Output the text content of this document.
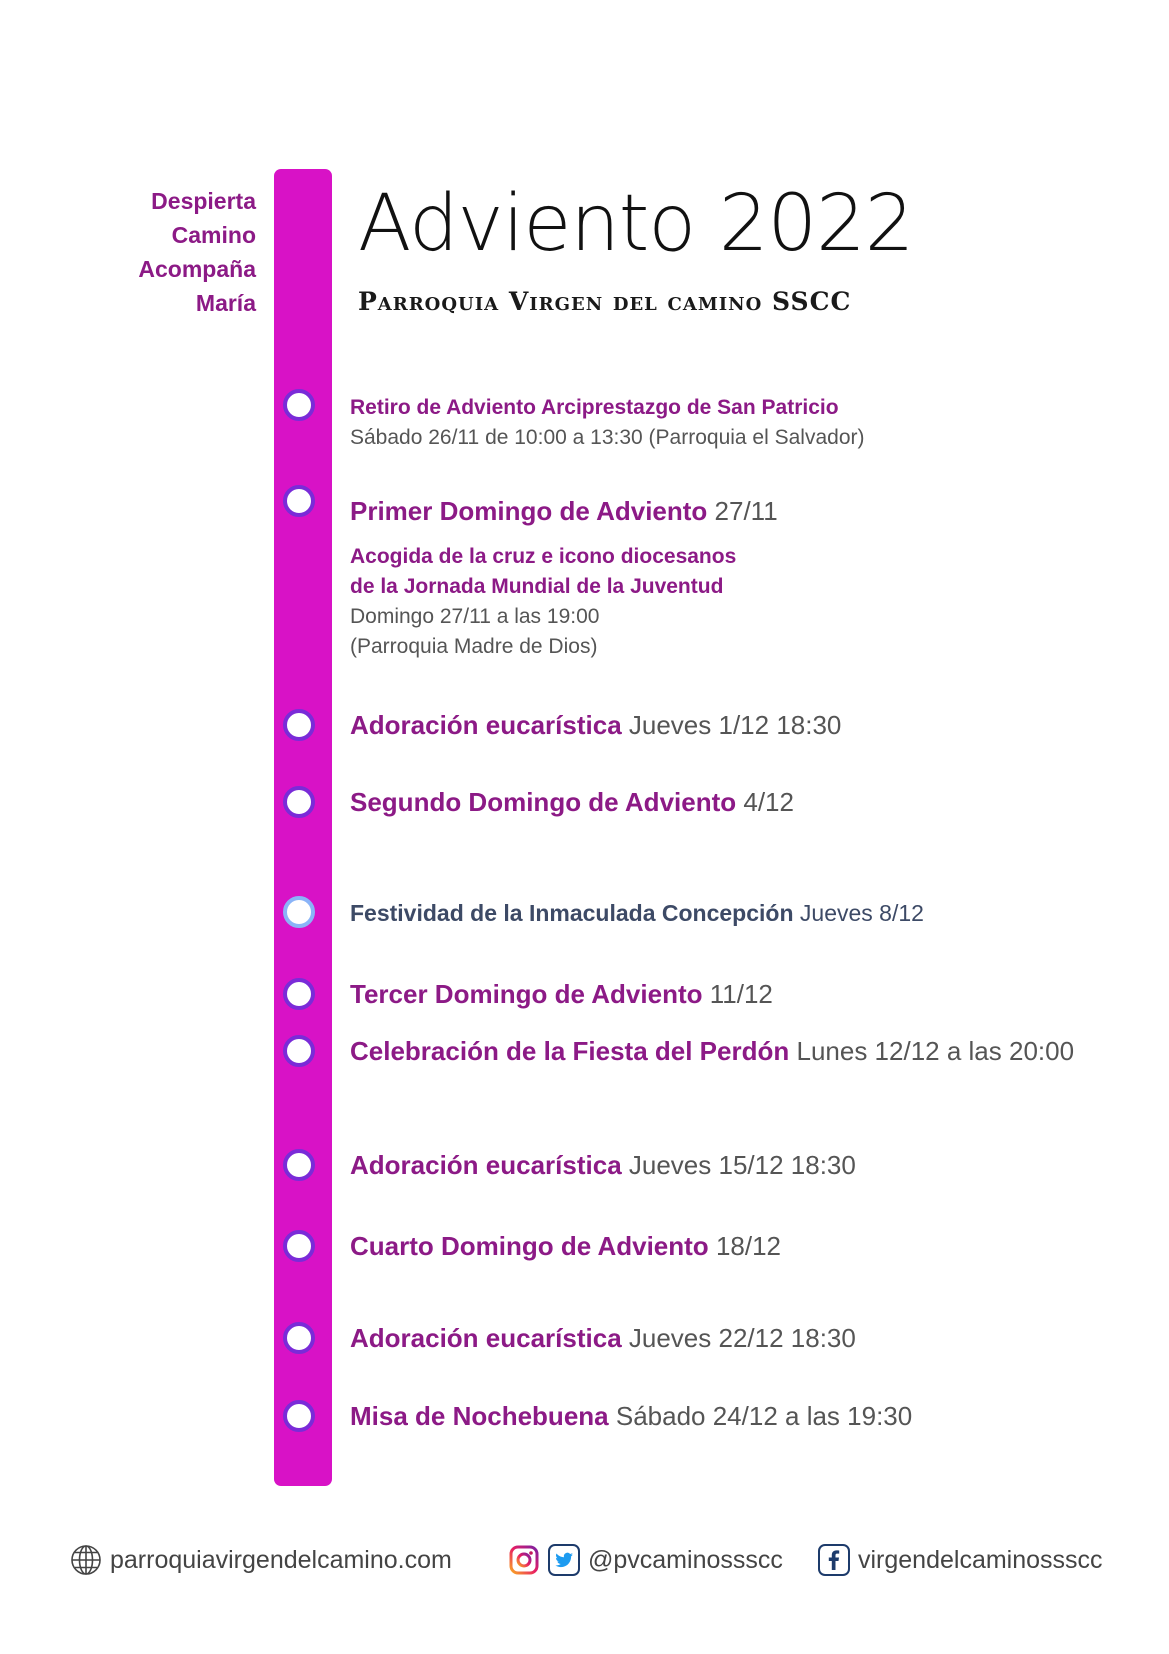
Despierta
Camino
Acompaña
María
Adviento 2022
Parroquia Virgen del camino SSCC
Retiro de Adviento Arciprestazgo de San Patricio
Sábado 26/11 de 10:00 a 13:30 (Parroquia el Salvador)
Primer Domingo de Adviento 27/11
Acogida de la cruz e icono diocesanos
de la Jornada Mundial de la Juventud
Domingo 27/11 a las 19:00
(Parroquia Madre de Dios)
Adoración eucarística Jueves 1/12 18:30
Segundo Domingo de Adviento 4/12
Festividad de la Inmaculada Concepción Jueves 8/12
Tercer Domingo de Adviento 11/12
Celebración de la Fiesta del Perdón Lunes 12/12 a las 20:00
Adoración eucarística Jueves 15/12 18:30
Cuarto Domingo de Adviento 18/12
Adoración eucarística Jueves 22/12 18:30
Misa de Nochebuena Sábado 24/12 a las 19:30
parroquiavirgendelcamino.com	@pvcaminossscc	virgendelcaminossscc
